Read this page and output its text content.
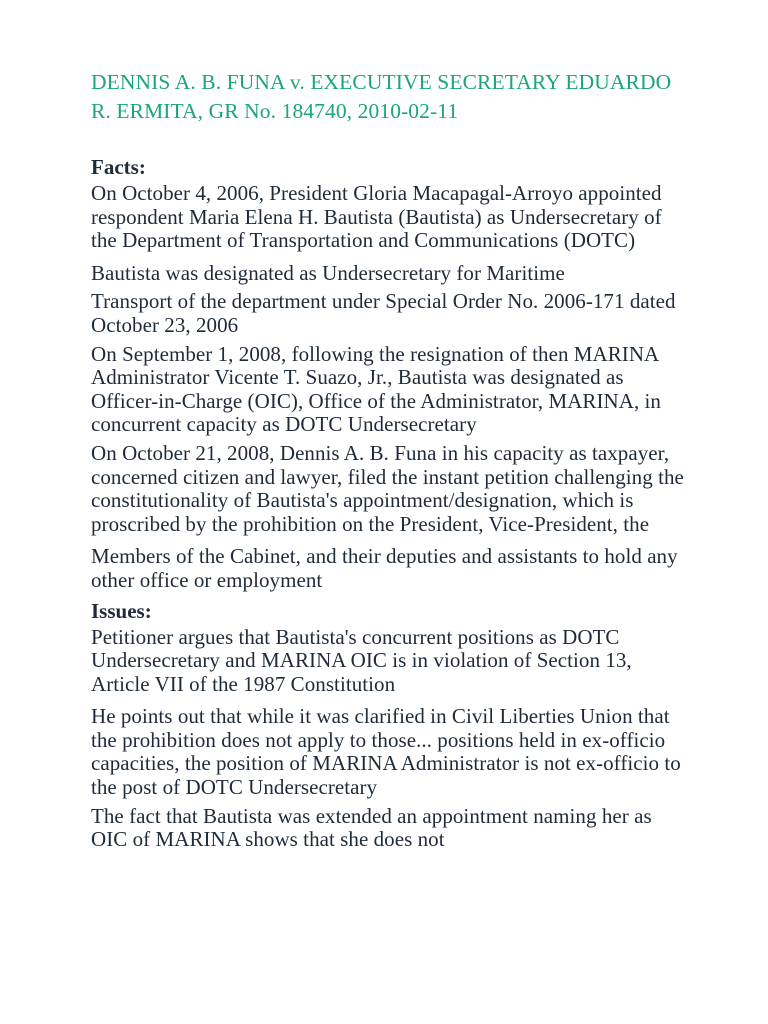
DENNIS A. B. FUNA v. EXECUTIVE SECRETARY EDUARDO R. ERMITA, GR No. 184740, 2010-02-11
Facts:
On October 4, 2006, President Gloria Macapagal-Arroyo appointed respondent Maria Elena H. Bautista (Bautista) as Undersecretary of the Department of Transportation and Communications (DOTC)
Bautista was designated as Undersecretary for Maritime
Transport of the department under Special Order No. 2006-171 dated October 23, 2006
On September 1, 2008, following the resignation of then MARINA Administrator Vicente T. Suazo, Jr., Bautista was designated as Officer-in-Charge (OIC), Office of the Administrator, MARINA, in concurrent capacity as DOTC Undersecretary
On October 21, 2008, Dennis A. B. Funa in his capacity as taxpayer, concerned citizen and lawyer, filed the instant petition challenging the constitutionality of Bautista's appointment/designation, which is proscribed by the prohibition on the President, Vice-President, the
Members of the Cabinet, and their deputies and assistants to hold any other office or employment
Issues:
Petitioner argues that Bautista's concurrent positions as DOTC Undersecretary and MARINA OIC is in violation of Section 13, Article VII of the 1987 Constitution
He points out that while it was clarified in Civil Liberties Union that the prohibition does not apply to those... positions held in ex-officio capacities, the position of MARINA Administrator is not ex-officio to the post of DOTC Undersecretary
The fact that Bautista was extended an appointment naming her as OIC of MARINA shows that she does not
